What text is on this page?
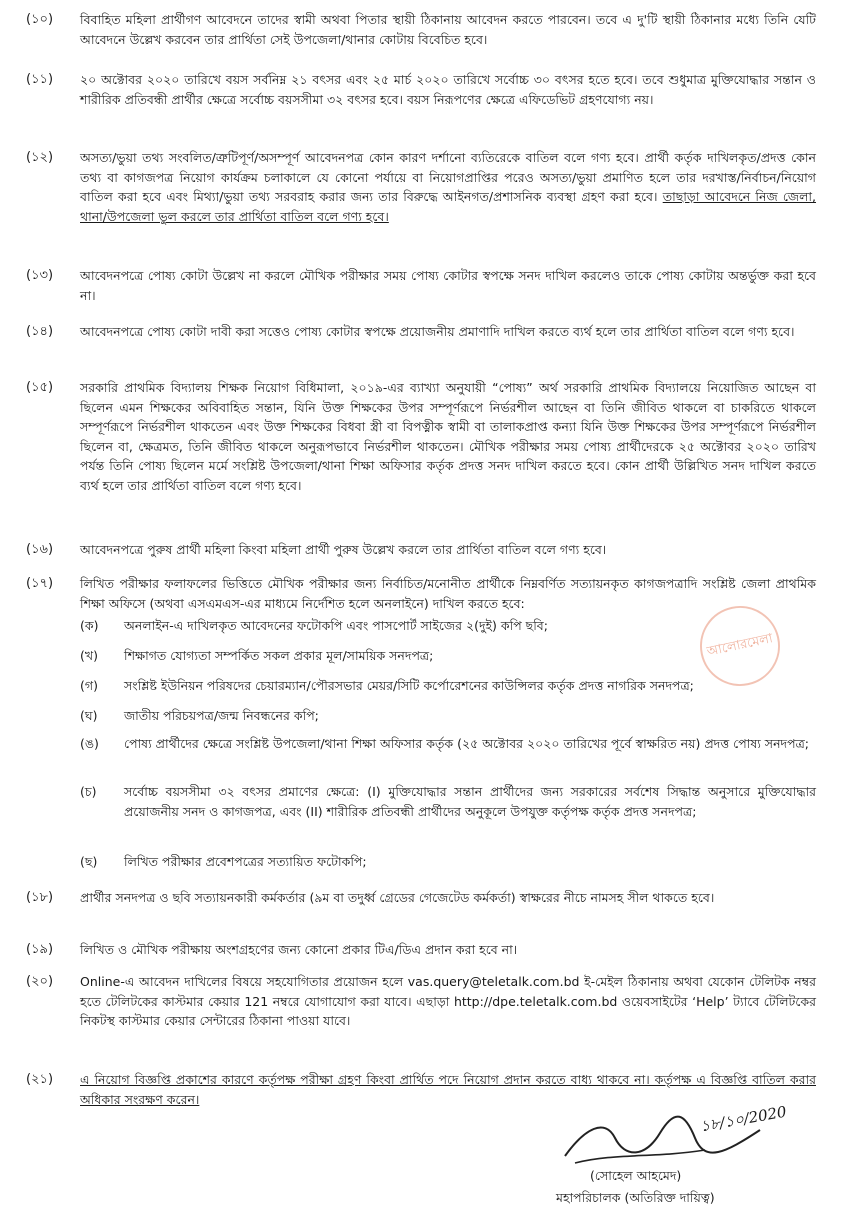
(১০)	বিবাহিত মহিলা প্রার্থীগণ আবেদনে তাদের স্বামী অথবা পিতার স্থায়ী ঠিকানায় আবেদন করতে পারবেন। তবে এ দু'টি স্থায়ী ঠিকানার মধ্যে তিনি যেটি আবেদনে উল্লেখ করবেন তার প্রার্থিতা সেই উপজেলা/থানার কোটায় বিবেচিত হবে।
(১১)	২০ অক্টোবর ২০২০ তারিখে বয়স সর্বনিম্ন ২১ বৎসর এবং ২৫ মার্চ ২০২০ তারিখে সর্বোচ্চ ৩০ বৎসর হতে হবে। তবে শুধুমাত্র মুক্তিযোদ্ধার সন্তান ও শারীরিক প্রতিবন্ধী প্রার্থীর ক্ষেত্রে সর্বোচ্চ বয়সসীমা ৩২ বৎসর হবে। বয়স নিরূপণের ক্ষেত্রে এফিডেভিট গ্রহণযোগ্য নয়।
(১২)	অসত্য/ভুয়া তথ্য সংবলিত/ত্রুটিপূর্ণ/অসম্পূর্ণ আবেদনপত্র কোন কারণ দর্শানো ব্যতিরেকে বাতিল বলে গণ্য হবে। প্রার্থী কর্তৃক দাখিলকৃত/প্রদত্ত কোন তথ্য বা কাগজপত্র নিয়োগ কার্যক্রম চলাকালে যে কোনো পর্যায়ে বা নিয়োগপ্রাপ্তির পরেও অসত্য/ভুয়া প্রমাণিত হলে তার দরখাস্ত/নির্বাচন/নিয়োগ বাতিল করা হবে এবং মিথ্যা/ভুয়া তথ্য সরবরাহ করার জন্য তার বিরুদ্ধে আইনগত/প্রশাসনিক ব্যবস্থা গ্রহণ করা হবে। তাছাড়া আবেদনে নিজ জেলা, থানা/উপজেলা ভুল করলে তার প্রার্থিতা বাতিল বলে গণ্য হবে।
(১৩)	আবেদনপত্রে পোষ্য কোটা উল্লেখ না করলে মৌখিক পরীক্ষার সময় পোষ্য কোটার স্বপক্ষে সনদ দাখিল করলেও তাকে পোষ্য কোটায় অন্তর্ভুক্ত করা হবে না।
(১৪)	আবেদনপত্রে পোষ্য কোটা দাবী করা সত্তেও পোষ্য কোটার স্বপক্ষে প্রয়োজনীয় প্রমাণাদি দাখিল করতে ব্যর্থ হলে তার প্রার্থিতা বাতিল বলে গণ্য হবে।
(১৫)	সরকারি প্রাথমিক বিদ্যালয় শিক্ষক নিয়োগ বিধিমালা, ২০১৯-এর ব্যাখ্যা অনুযায়ী “পোষ্য” অর্থ সরকারি প্রাথমিক বিদ্যালয়ে নিয়োজিত আছেন বা ছিলেন এমন শিক্ষকের অবিবাহিত সন্তান, যিনি উক্ত শিক্ষকের উপর সম্পূর্ণরূপে নির্ভরশীল আছেন বা তিনি জীবিত থাকলে বা চাকরিতে থাকলে সম্পূর্ণরূপে নির্ভরশীল থাকতেন এবং উক্ত শিক্ষকের বিধবা স্ত্রী বা বিপত্নীক স্বামী বা তালাকপ্রাপ্ত কন্যা যিনি উক্ত শিক্ষকের উপর সম্পূর্ণরূপে নির্ভরশীল ছিলেন বা, ক্ষেত্রমত, তিনি জীবিত থাকলে অনুরূপভাবে নির্ভরশীল থাকতেন। মৌখিক পরীক্ষার সময় পোষ্য প্রার্থীদেরকে ২৫ অক্টোবর ২০২০ তারিখ পর্যন্ত তিনি পোষ্য ছিলেন মর্মে সংশ্লিষ্ট উপজেলা/থানা শিক্ষা অফিসার কর্তৃক প্রদত্ত সনদ দাখিল করতে হবে। কোন প্রার্থী উল্লিখিত সনদ দাখিল করতে ব্যর্থ হলে তার প্রার্থিতা বাতিল বলে গণ্য হবে।
(১৬)	আবেদনপত্রে পুরুষ প্রার্থী মহিলা কিংবা মহিলা প্রার্থী পুরুষ উল্লেখ করলে তার প্রার্থিতা বাতিল বলে গণ্য হবে।
(১৭)	লিখিত পরীক্ষার ফলাফলের ভিত্তিতে মৌখিক পরীক্ষার জন্য নির্বাচিত/মনোনীত প্রার্থীকে নিম্নবর্ণিত সত্যায়নকৃত কাগজপত্রাদি সংশ্লিষ্ট জেলা প্রাথমিক শিক্ষা অফিসে (অথবা এসএমএস-এর মাধ্যমে নির্দেশিত হলে অনলাইনে) দাখিল করতে হবে:
(ক)	অনলাইন-এ দাখিলকৃত আবেদনের ফটোকপি এবং পাসপোর্ট সাইজের ২(দুই) কপি ছবি;
(খ)	শিক্ষাগত যোগ্যতা সম্পর্কিত সকল প্রকার মূল/সাময়িক সনদপত্র;
(গ)	সংশ্লিষ্ট ইউনিয়ন পরিষদের চেয়ারম্যান/পৌরসভার মেয়র/সিটি কর্পোরেশনের কাউন্সিলর কর্তৃক প্রদত্ত নাগরিক সনদপত্র;
(ঘ)	জাতীয় পরিচয়পত্র/জন্ম নিবন্ধনের কপি;
(ঙ)	পোষ্য প্রার্থীদের ক্ষেত্রে সংশ্লিষ্ট উপজেলা/থানা শিক্ষা অফিসার কর্তৃক (২৫ অক্টোবর ২০২০ তারিখের পূর্বে স্বাক্ষরিত নয়) প্রদত্ত পোষ্য সনদপত্র;
(চ)	সর্বোচ্চ বয়সসীমা ৩২ বৎসর প্রমাণের ক্ষেত্রে: (I) মুক্তিযোদ্ধার সন্তান প্রার্থীদের জন্য সরকারের সর্বশেষ সিদ্ধান্ত অনুসারে মুক্তিযোদ্ধার প্রয়োজনীয় সনদ ও কাগজপত্র, এবং (II) শারীরিক প্রতিবন্ধী প্রার্থীদের অনুকূলে উপযুক্ত কর্তৃপক্ষ কর্তৃক প্রদত্ত সনদপত্র;
(ছ)	লিখিত পরীক্ষার প্রবেশপত্রের সত্যায়িত ফটোকপি;
(১৮)	প্রার্থীর সনদপত্র ও ছবি সত্যায়নকারী কর্মকর্তার (৯ম বা তদুর্ধ্ব গ্রেডের গেজেটেড কর্মকর্তা) স্বাক্ষরের নীচে নামসহ সীল থাকতে হবে।
(১৯)	লিখিত ও মৌখিক পরীক্ষায় অংশগ্রহণের জন্য কোনো প্রকার টিএ/ডিএ প্রদান করা হবে না।
(২০)	Online-এ আবেদন দাখিলের বিষয়ে সহযোগিতার প্রয়োজন হলে vas.query@teletalk.com.bd ই-মেইল ঠিকানায় অথবা যেকোন টেলিটক নম্বর হতে টেলিটকের কাস্টমার কেয়ার 121 নম্বরে যোগাযোগ করা যাবে। এছাড়া http://dpe.teletalk.com.bd ওয়েবসাইটের ‘Help’ ট্যাবে টেলিটকের নিকটস্থ কাস্টমার কেয়ার সেন্টারের ঠিকানা পাওয়া যাবে।
(২১)	এ নিয়োগ বিজ্ঞপ্তি প্রকাশের কারণে কর্তৃপক্ষ পরীক্ষা গ্রহণ কিংবা প্রার্থিত পদে নিয়োগ প্রদান করতে বাধ্য থাকবে না। কর্তৃপক্ষ এ বিজ্ঞপ্তি বাতিল করার অধিকার সংরক্ষণ করেন।
আলোরমেলা
১৮/১০/2020
(সোহেল আহমেদ)
মহাপরিচালক (অতিরিক্ত দায়িত্ব)
